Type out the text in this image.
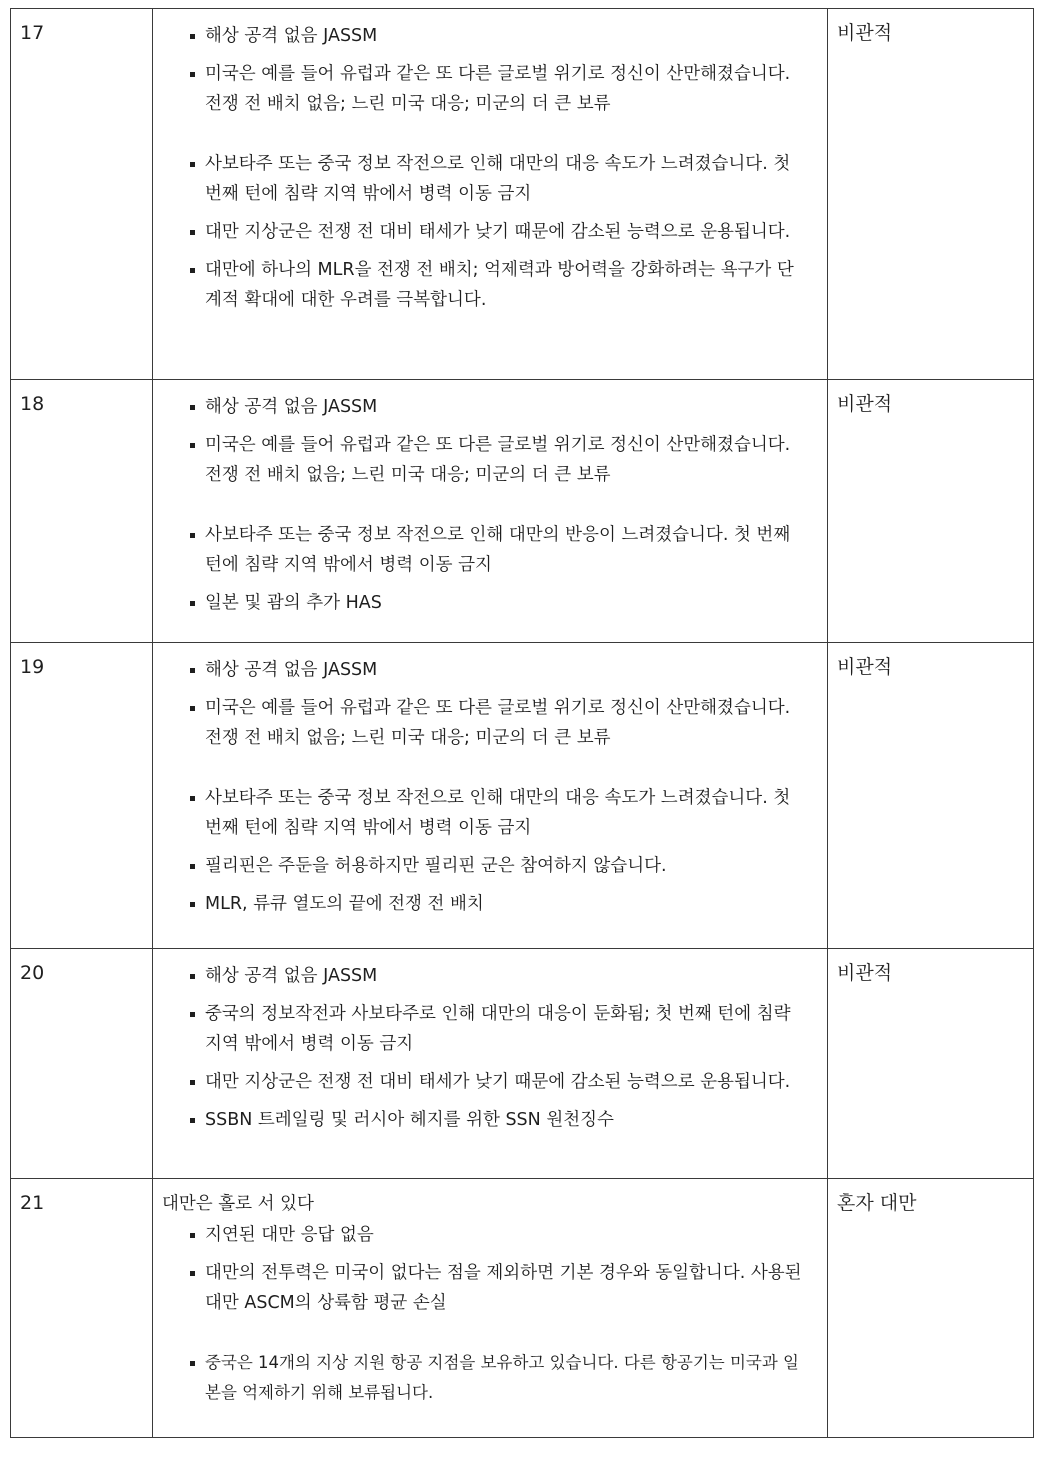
17	해상 공격 없음 JASSM
미국은 예를 들어 유럽과 같은 또 다른 글로벌 위기로 정신이 산만해졌습니다. 전쟁 전 배치 없음; 느린 미국 대응; 미군의 더 큰 보류
사보타주 또는 중국 정보 작전으로 인해 대만의 대응 속도가 느려졌습니다. 첫 번째 턴에 침략 지역 밖에서 병력 이동 금지
대만 지상군은 전쟁 전 대비 태세가 낮기 때문에 감소된 능력으로 운용됩니다.
대만에 하나의 MLR을 전쟁 전 배치; 억제력과 방어력을 강화하려는 욕구가 단계적 확대에 대한 우려를 극복합니다.	비관적

18	해상 공격 없음 JASSM
미국은 예를 들어 유럽과 같은 또 다른 글로벌 위기로 정신이 산만해졌습니다. 전쟁 전 배치 없음; 느린 미국 대응; 미군의 더 큰 보류
사보타주 또는 중국 정보 작전으로 인해 대만의 반응이 느려졌습니다. 첫 번째 턴에 침략 지역 밖에서 병력 이동 금지
일본 및 괌의 추가 HAS	비관적

19	해상 공격 없음 JASSM
미국은 예를 들어 유럽과 같은 또 다른 글로벌 위기로 정신이 산만해졌습니다. 전쟁 전 배치 없음; 느린 미국 대응; 미군의 더 큰 보류
사보타주 또는 중국 정보 작전으로 인해 대만의 대응 속도가 느려졌습니다. 첫 번째 턴에 침략 지역 밖에서 병력 이동 금지
필리핀은 주둔을 허용하지만 필리핀 군은 참여하지 않습니다.
MLR, 류큐 열도의 끝에 전쟁 전 배치	비관적

20	해상 공격 없음 JASSM
중국의 정보작전과 사보타주로 인해 대만의 대응이 둔화됨; 첫 번째 턴에 침략 지역 밖에서 병력 이동 금지
대만 지상군은 전쟁 전 대비 태세가 낮기 때문에 감소된 능력으로 운용됩니다.
SSBN 트레일링 및 러시아 헤지를 위한 SSN 원천징수	비관적

21	대만은 홀로 서 있다
지연된 대만 응답 없음
대만의 전투력은 미국이 없다는 점을 제외하면 기본 경우와 동일합니다. 사용된 대만 ASCM의 상륙함 평균 손실
중국은 14개의 지상 지원 항공 지점을 보유하고 있습니다. 다른 항공기는 미국과 일본을 억제하기 위해 보류됩니다.	혼자 대만
